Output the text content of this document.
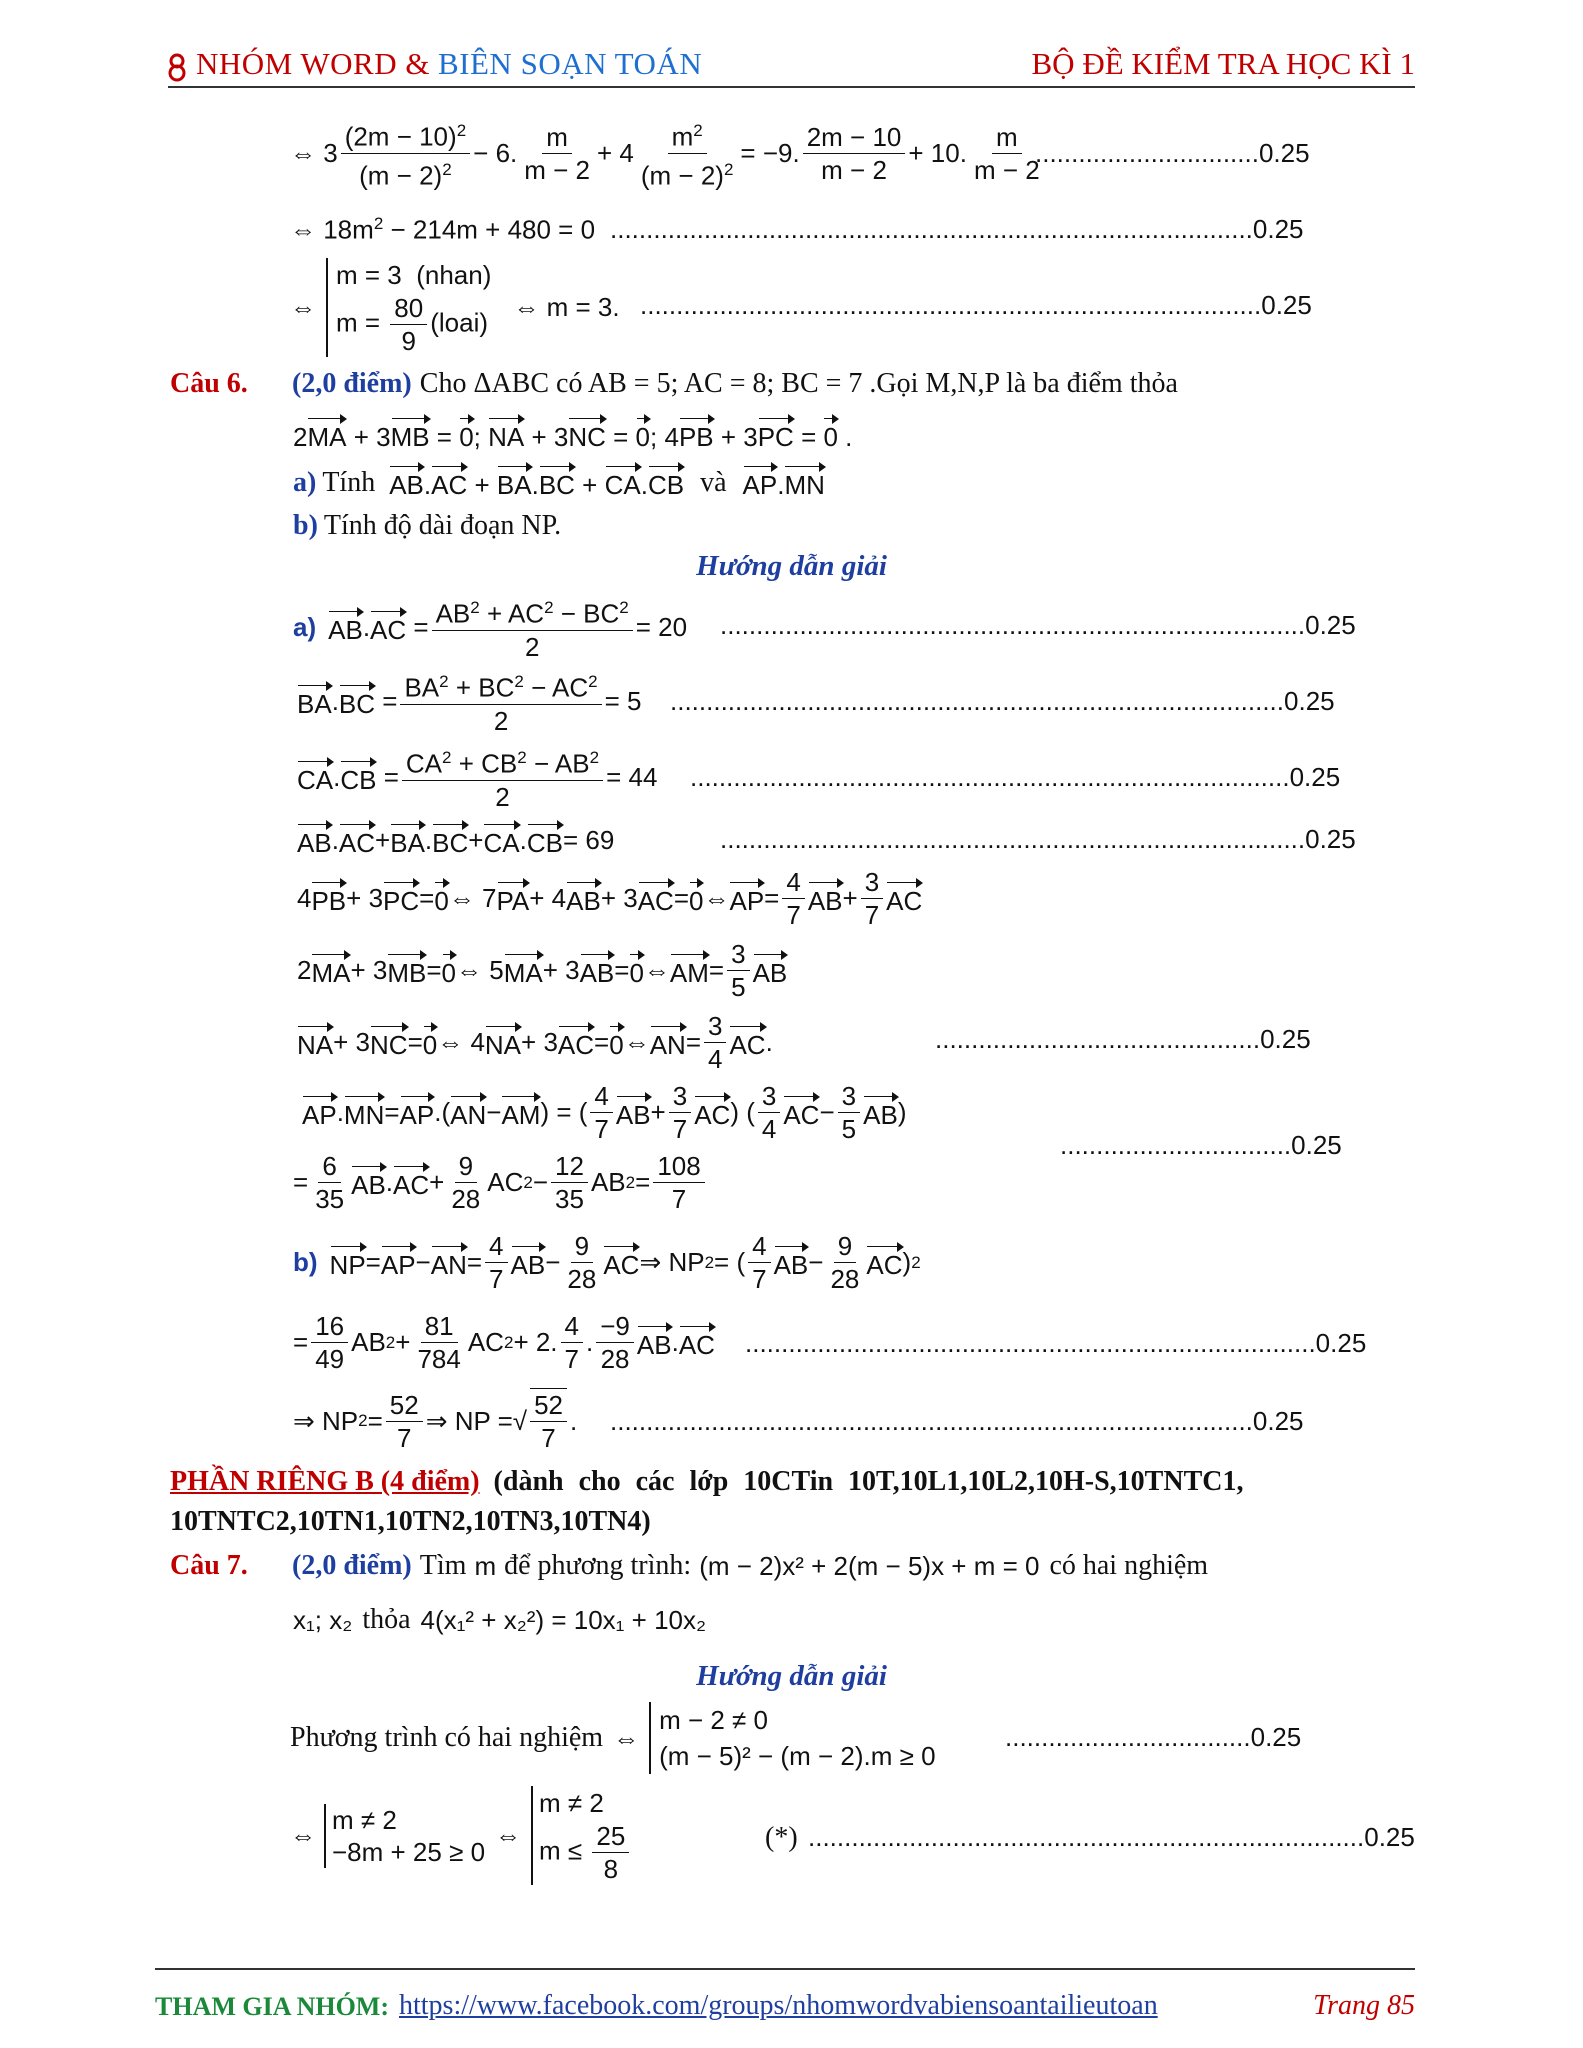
NHÓM WORD & BIÊN SOẠN TOÁN	BỘ ĐỀ KIỂM TRA HỌC KÌ 1
⇔ $3 \frac{(2m - 10)^2}{(m - 2)^2} - 6$. $\frac{m}{m - 2} + 4 \frac{m^2}{(m - 2)^2} = -9$. $\frac{2m - 10}{m - 2} + 10$. $\frac{m}{m - 2}$
...............................0.25
⇔ $18m^2 - 214m + 480 = 0$ .........................................................................................0.25
⇔
m = 3  (nhan)
$m = \frac{80}{9}$ (loai)
⇔ m = 3. ......................................................................................0.25
Câu 6.	(2,0 điểm) Cho ΔABC có AB = 5; AC = 8; BC = 7 .Gọi M,N,P là ba điểm thỏa
2MA + 3MB = 0; NA + 3NC = 0; 4PB + 3PC = 0 .
a) Tính AB.AC + BA.BC + CA.CB và AP.MN
b) Tính độ dài đoạn NP.
Hướng dẫn giải
a) AB . AC = $\frac{AB^2 + AC^2 - BC^2}{2} = 20$ .................................................................................0.25
BA . BC = $\frac{BA^2 + BC^2 - AC^2}{2} = 5$ .....................................................................................0.25
CA . CB = $\frac{CA^2 + CB^2 - AB^2}{2} = 44$ ...................................................................................0.25
AB . AC + BA . BC + CA . CB = 69	.................................................................................0.25
4 PB + 3 PC = 0 ⇔ 7 PA + 4 AB + 3 AC = 0 ⇔ AP = $\frac{4}{7}$ AB + $\frac{3}{7}$ AC
2 MA + 3 MB = 0 ⇔ 5 MA + 3 AB = 0 ⇔ AM = $\frac{3}{5}$ AB
NA + 3 NC = 0 ⇔ 4 NA + 3 AC = 0 ⇔ AN = $\frac{3}{4}$ AC .	.............................................0.25
AP . MN = AP .( AN − AM ) = ( $\frac{4}{7}$ AB + $\frac{3}{7}$ AC ) ( $\frac{3}{4}$ AC − $\frac{3}{5}$ AB )
................................0.25
= $\frac{6}{35}$ AB . AC + $\frac{9}{28}$ AC $2 - \frac{12}{35}$ AB $2 = \frac{108}{7}$
b) NP = AP − AN = $\frac{4}{7}$ AB − $\frac{9}{28}$ AC ⇒ NP 2 = ( $\frac{4}{7}$ AB − $\frac{9}{28}$ AC ) 2
= $\frac{16}{49}$ AB $2 + \frac{81}{784}$ AC 2 + 2. $\frac{4}{7}$ . $\frac{-9}{28}$ AB . AC ...............................................................................0.25
⇒ NP $2 = \frac{52}{7}$ ⇒ NP = √ $\frac{52}{7}$ . .........................................................................................0.25
PHẦN RIÊNG B (4 điểm) (dành cho các lớp 10CTin 10T,10L1,10L2,10H-S,10TNTC1,
10TNTC2,10TN1,10TN2,10TN3,10TN4)
Câu 7.	(2,0 điểm) Tìm m để phương trình: (m − 2)x² + 2(m − 5)x + m = 0 có hai nghiệm
x₁; x₂ thỏa 4(x₁² + x₂²) = 10x₁ + 10x₂
Hướng dẫn giải
Phương trình có hai nghiệm ⇔
m − 2 ≠ 0
(m − 5)² − (m − 2).m ≥ 0
..................................0.25
⇔
m ≠ 2
−8m + 25 ≥ 0
⇔
m ≠ 2
$m \le \frac{25}{8}$	(*) .............................................................................0.25
THAM GIA NHÓM: https://www.facebook.com/groups/nhomwordvabiensoantailieutoan	Trang 85
